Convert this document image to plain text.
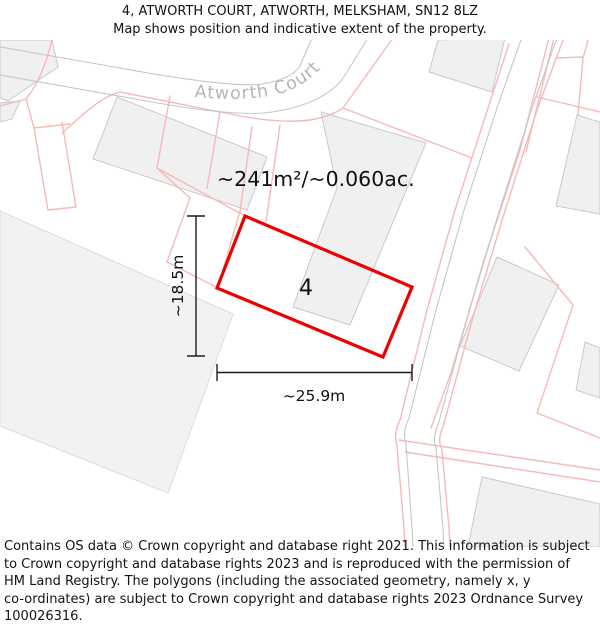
4, ATWORTH COURT, ATWORTH, MELKSHAM, SN12 8LZ
Map shows position and indicative extent of the property.
Atworth Court
4
~241m²/~0.060ac.
~18.5m
~25.9m
Contains OS data © Crown copyright and database right 2021. This information is subject
to Crown copyright and database rights 2023 and is reproduced with the permission of
HM Land Registry. The polygons (including the associated geometry, namely x, y
co-ordinates) are subject to Crown copyright and database rights 2023 Ordnance Survey
100026316.
